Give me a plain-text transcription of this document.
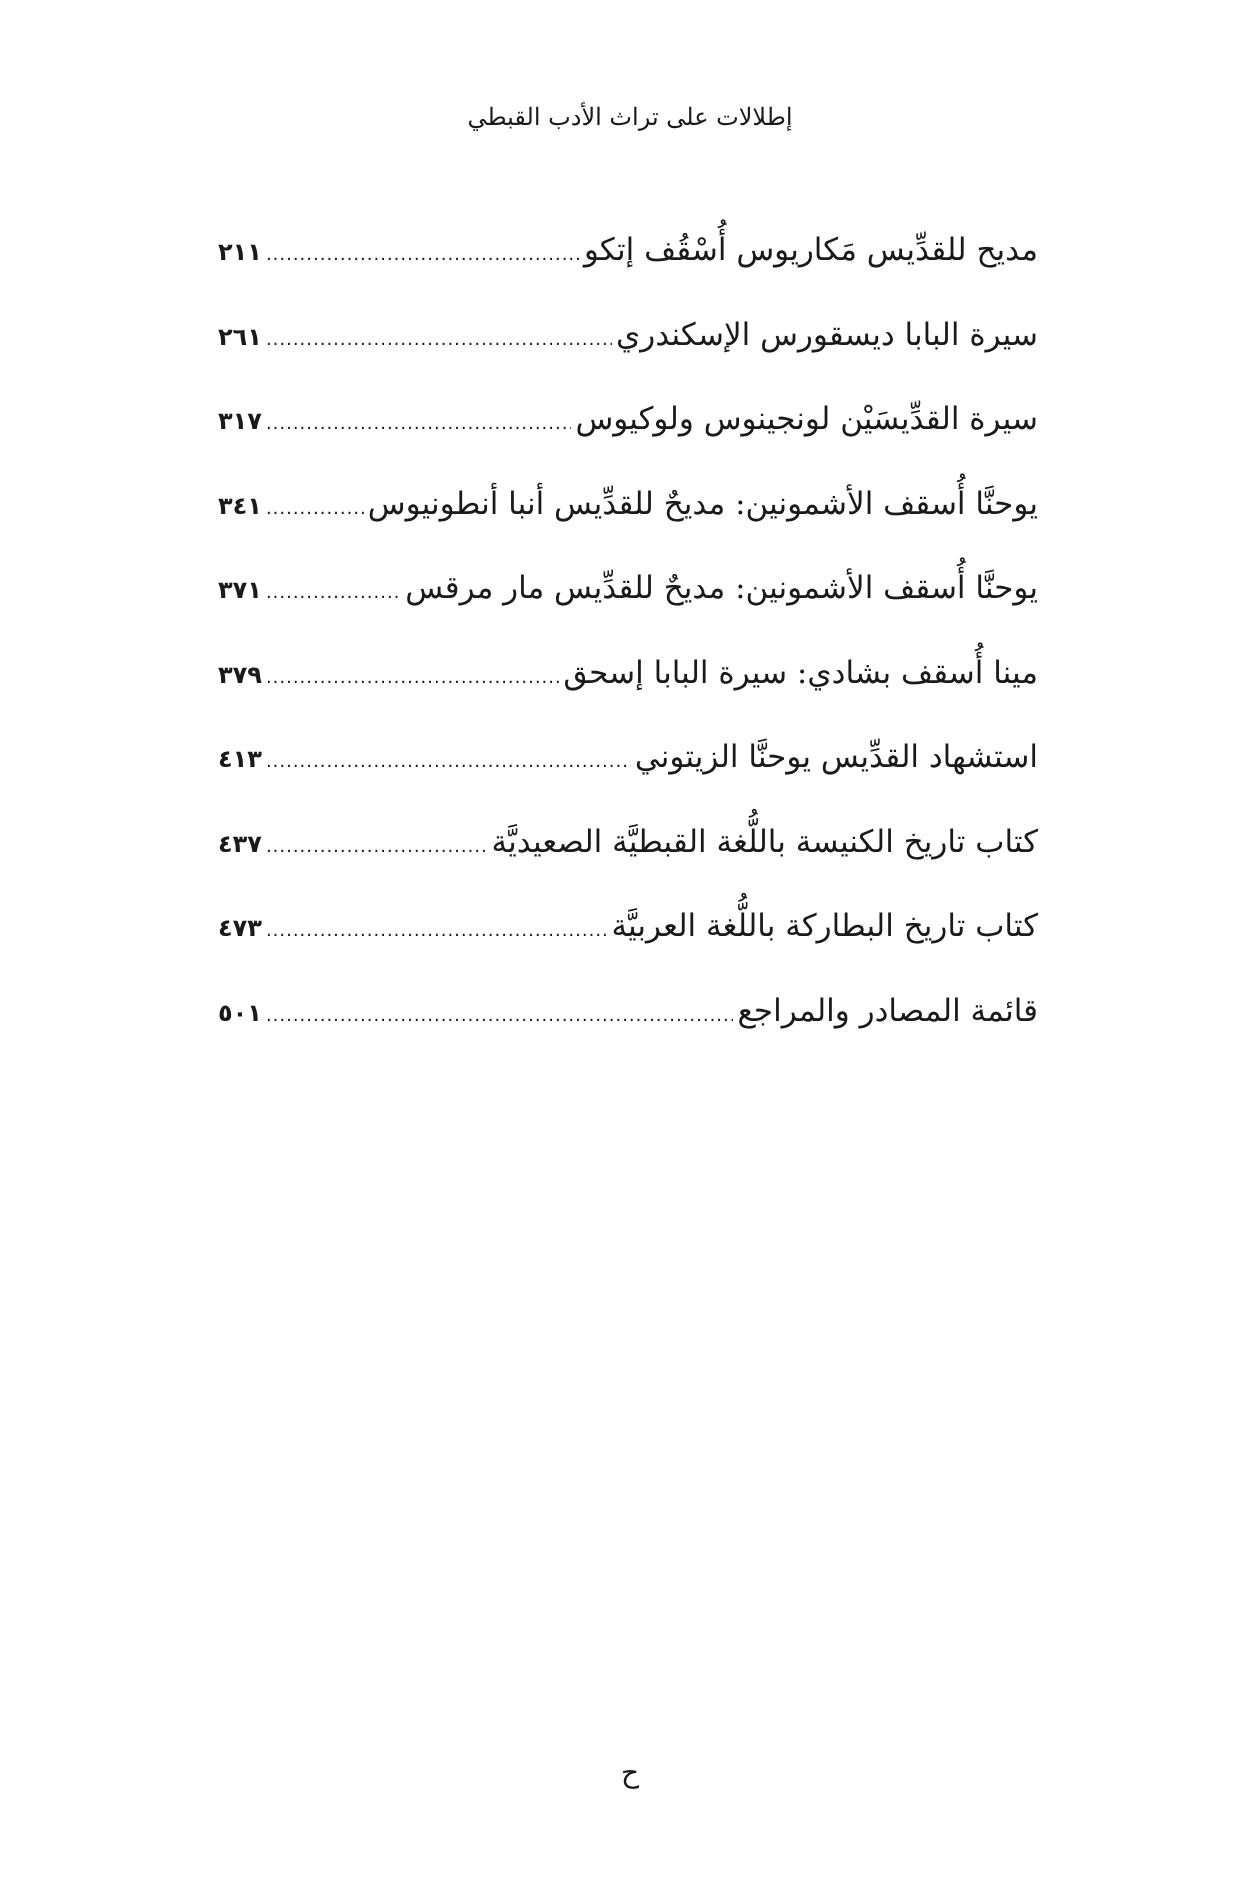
إطلالات على تراث الأدب القبطي
مديح للقدِّيس مَكاريوس أُسْقُف إتكو
.....
٢١١
سيرة البابا ديسقورس الإسكندري
.....
٢٦١
سيرة القدِّيسَيْن لونجينوس ولوكيوس
.....
٣١٧
يوحنَّا أُسقف الأشمونين: مديحٌ للقدِّيس أنبا أنطونيوس
.....
٣٤١
يوحنَّا أُسقف الأشمونين: مديحٌ للقدِّيس مار مرقس
.....
٣٧١
مينا أُسقف بشادي: سيرة البابا إسحق
.....
٣٧٩
استشهاد القدِّيس يوحنَّا الزيتوني
.....
٤١٣
كتاب تاريخ الكنيسة باللُّغة القبطيَّة الصعيديَّة
.....
٤٣٧
كتاب تاريخ البطاركة باللُّغة العربيَّة
.....
٤٧٣
قائمة المصادر والمراجع
.....
٥٠١
ح
